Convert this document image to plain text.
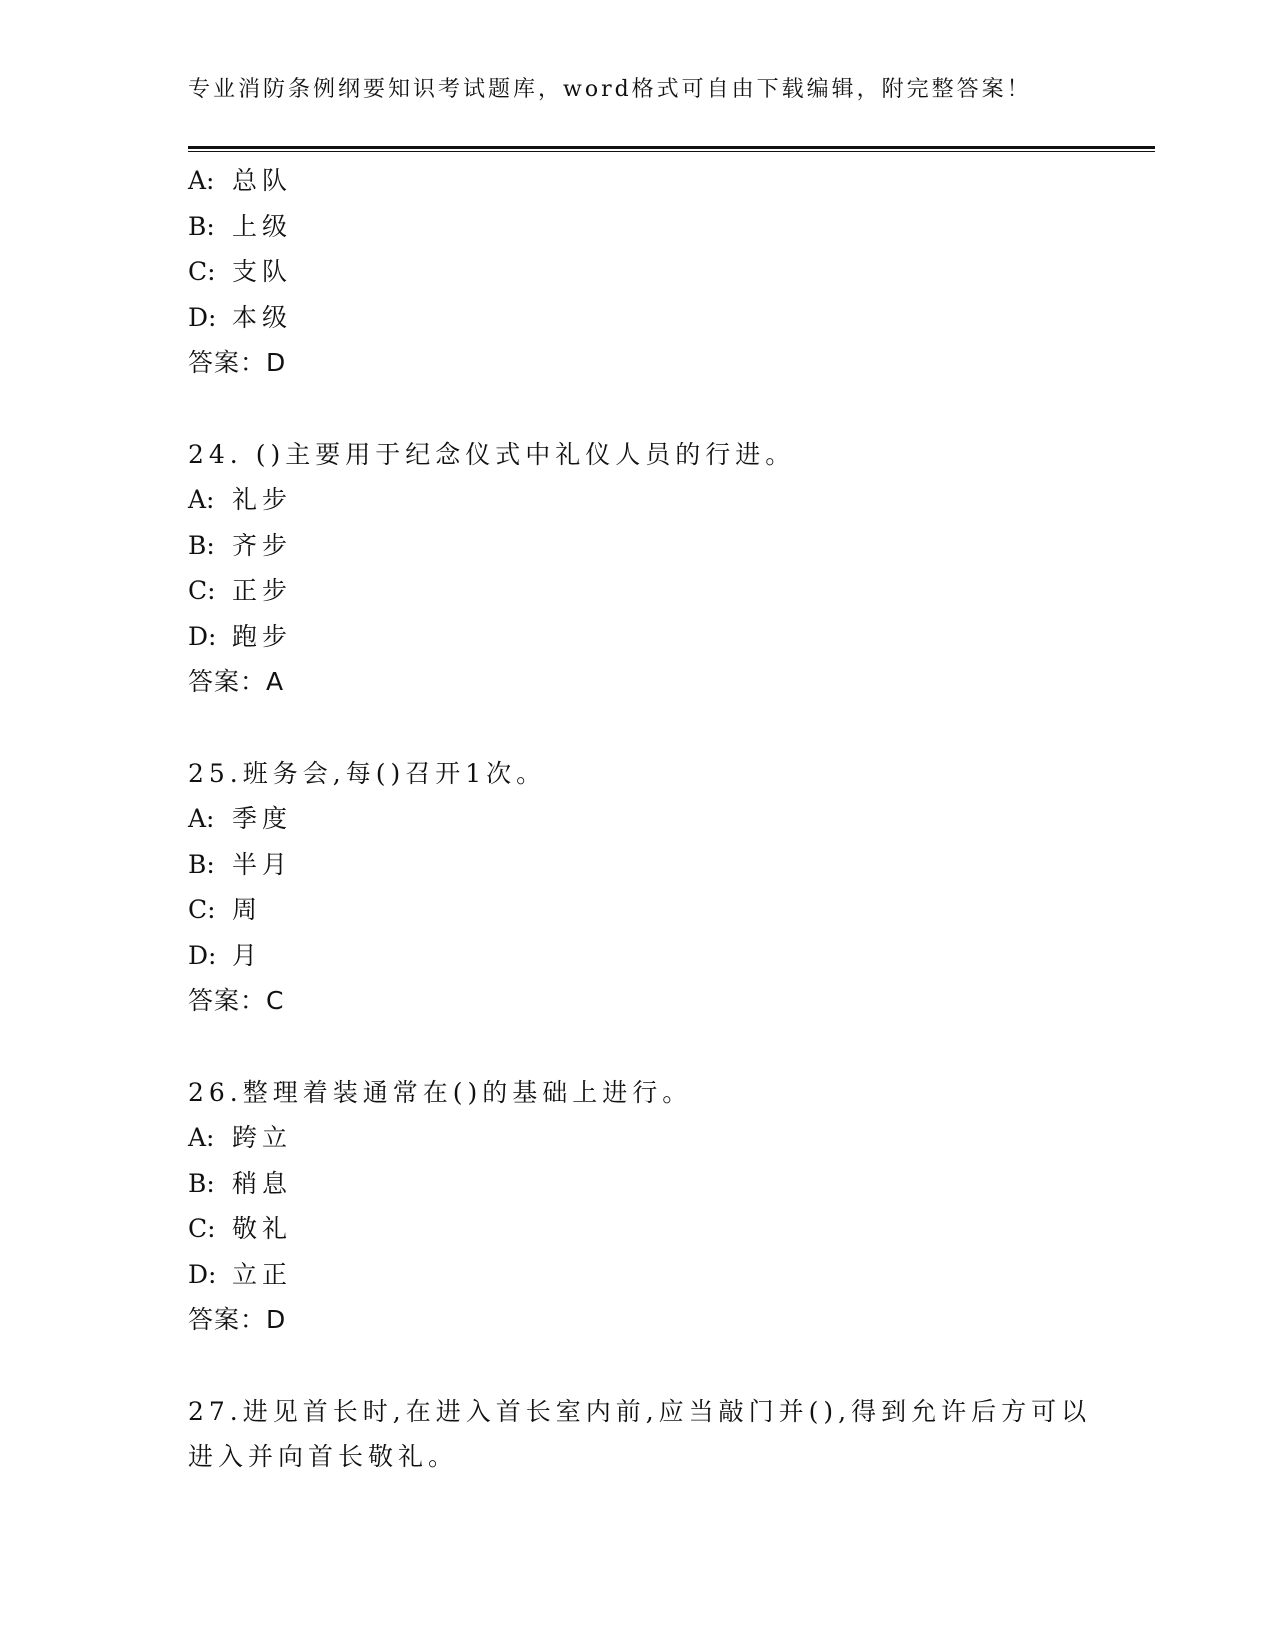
专业消防条例纲要知识考试题库，word格式可自由下载编辑，附完整答案！
A: 总队
B: 上级
C: 支队
D: 本级
答案：D
24. ()主要用于纪念仪式中礼仪人员的行进。
A: 礼步
B: 齐步
C: 正步
D: 跑步
答案：A
25.班务会,每()召开1次。
A: 季度
B: 半月
C: 周
D: 月
答案：C
26.整理着装通常在()的基础上进行。
A: 跨立
B: 稍息
C: 敬礼
D: 立正
答案：D
27.进见首长时,在进入首长室内前,应当敲门并(),得到允许后方可以
进入并向首长敬礼。
